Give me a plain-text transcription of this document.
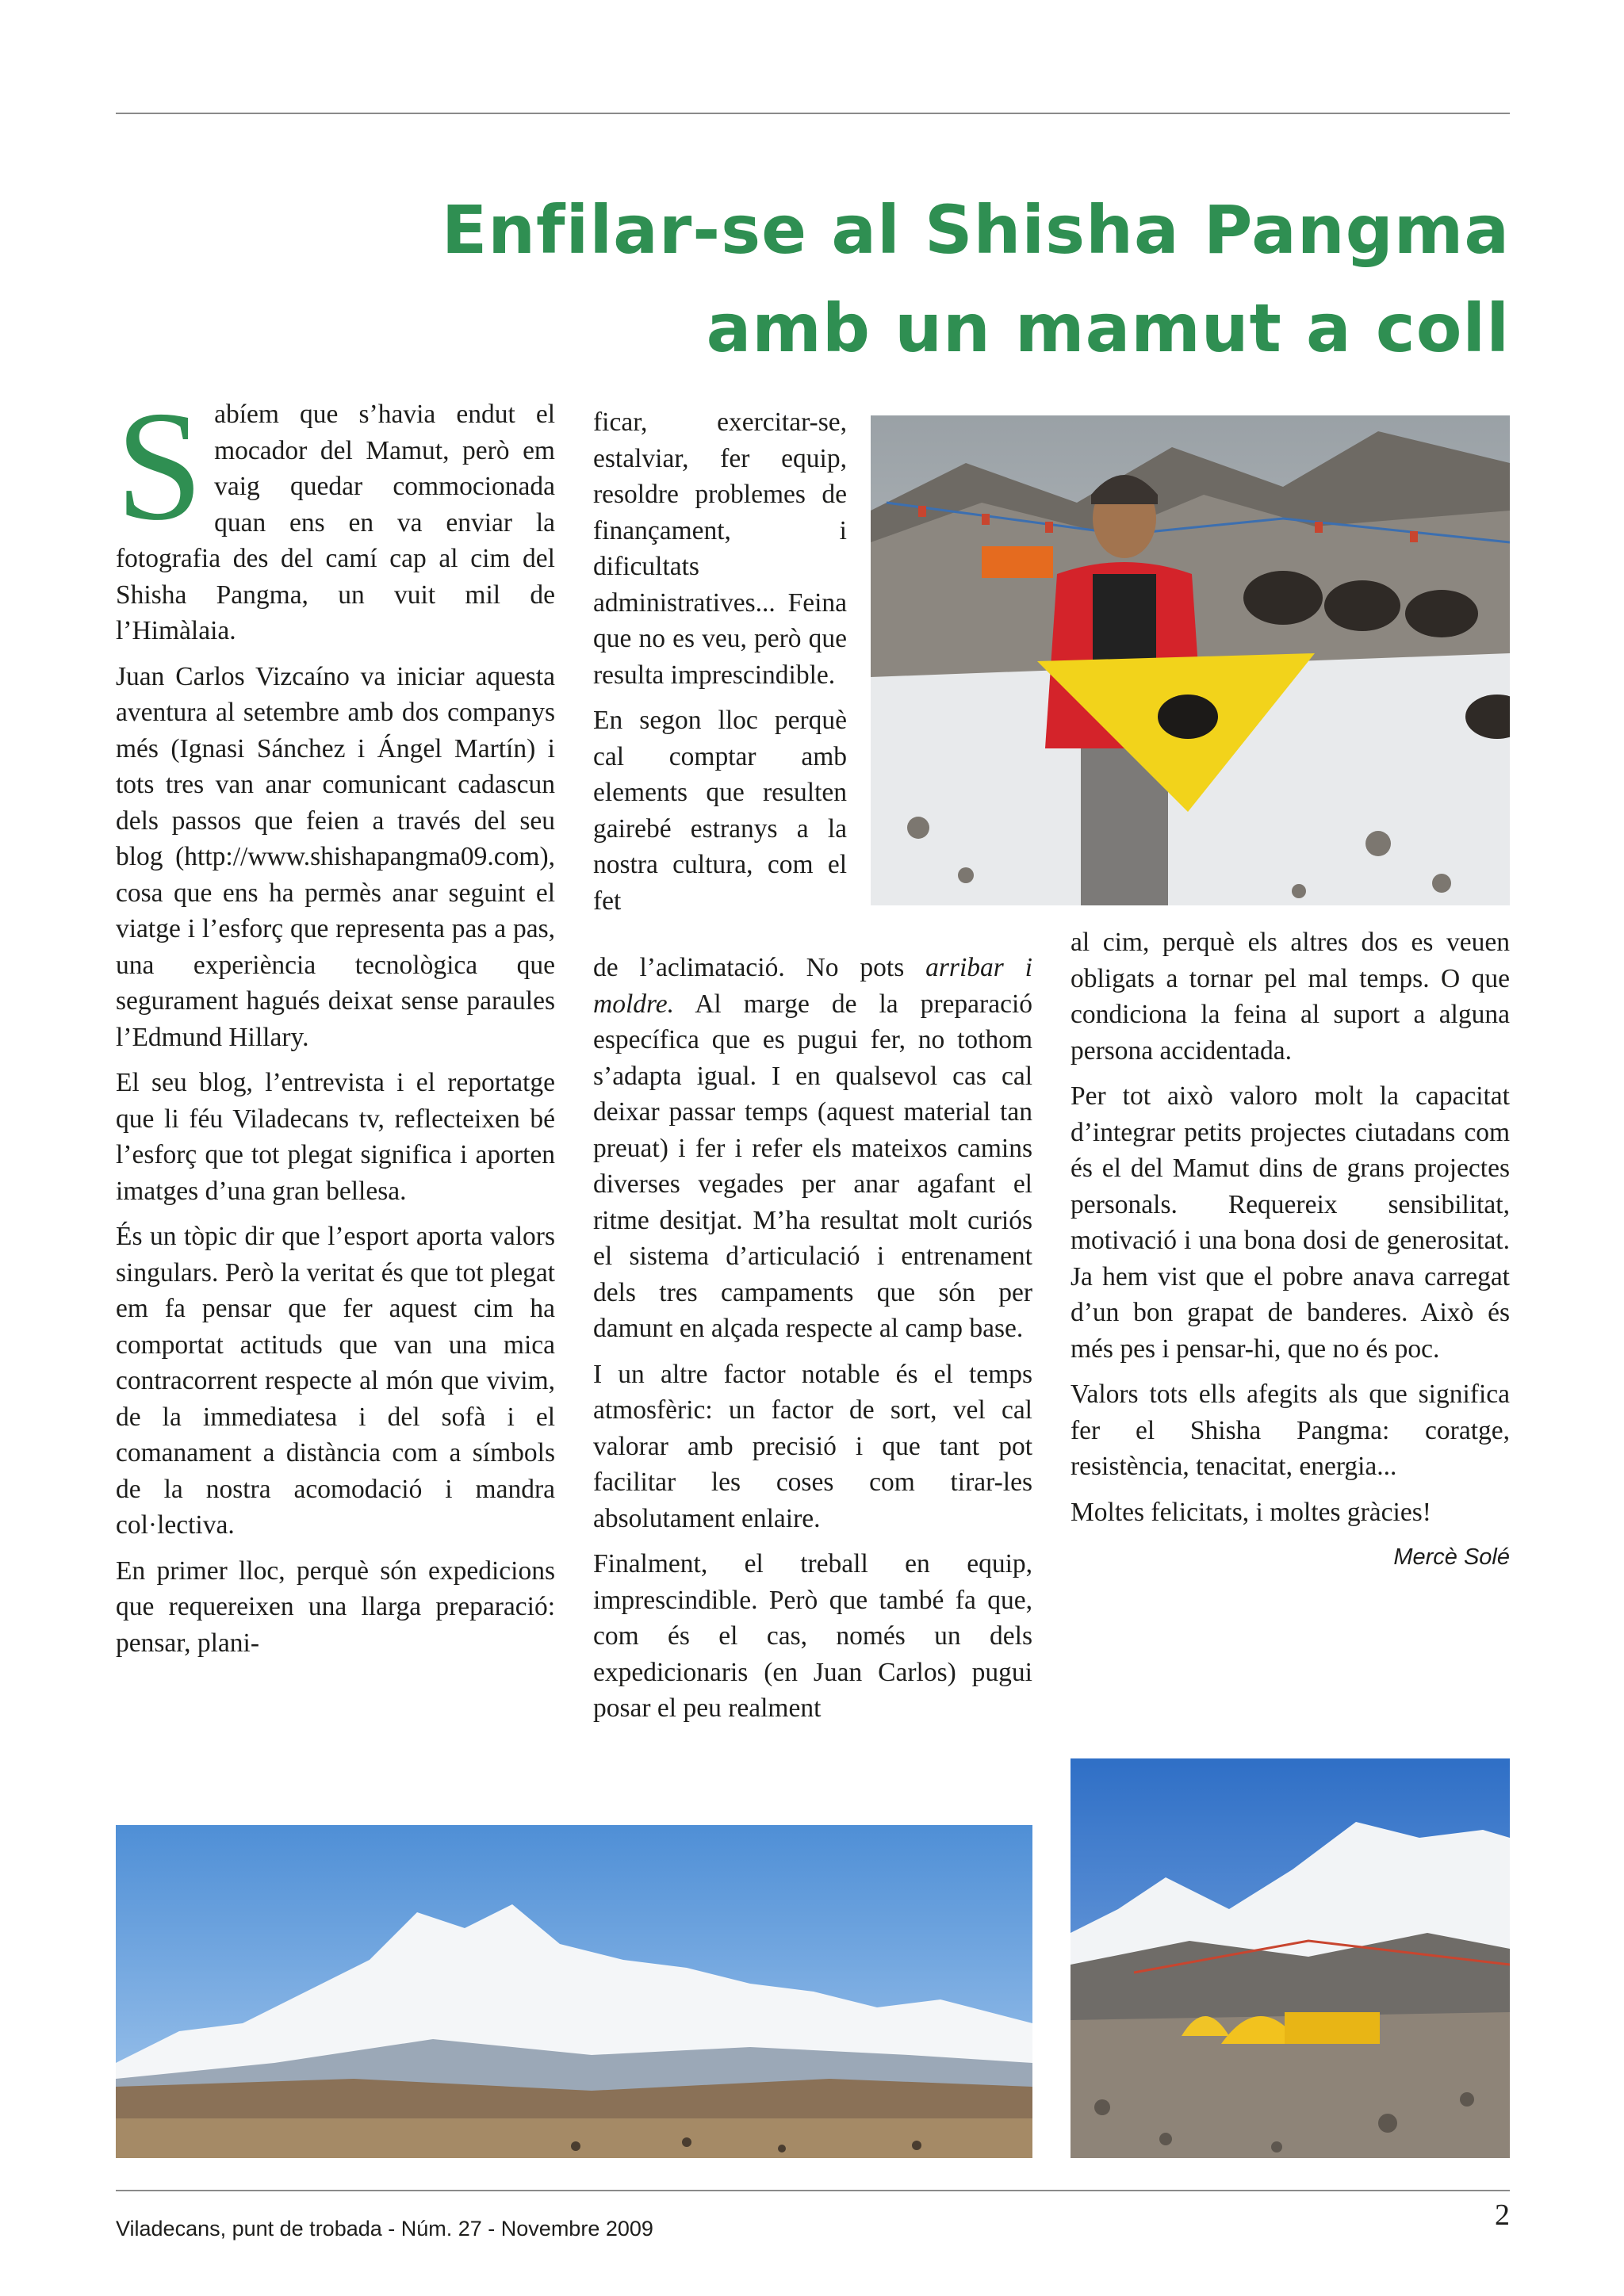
Enfilar-se al Shisha Pangma
amb un mamut a coll

Sabíem que s’havia endut el mocador del Mamut, però em vaig quedar commocionada quan ens en va enviar la fotografia des del camí cap al cim del Shisha Pangma, un vuit mil de l’Himàlaia.

Juan Carlos Vizcaíno va iniciar aquesta aventura al setembre amb dos companys més (Ignasi Sánchez i Ángel Martín) i tots tres van anar comunicant cadascun dels passos que feien a través del seu blog (http://www.shishapangma09.com), cosa que ens ha permès anar seguint el viatge i l’esforç que representa pas a pas, una experiència tecnològica que segurament hagués deixat sense paraules l’Edmund Hillary.

El seu blog, l’entrevista i el reportatge que li féu Viladecans tv, reflecteixen bé l’esforç que tot plegat significa i aporten imatges d’una gran bellesa.

És un tòpic dir que l’esport aporta valors singulars. Però la veritat és que tot plegat em fa pensar que fer aquest cim ha comportat actituds que van una mica contracorrent respecte al món que vivim, de la immediatesa i del sofà i el comanament a distància com a símbols de la nostra acomodació i mandra col·lectiva.

En primer lloc, perquè són expedicions que requereixen una llarga preparació: pensar, plani-

ficar, exercitar-se, estalviar, fer equip, resoldre problemes de finançament, i dificultats administratives... Feina que no es veu, però que resulta imprescindible.

En segon lloc perquè cal comptar amb elements que resulten gairebé estranys a la nostra cultura, com el fet

de l’aclimatació. No pots arribar i moldre. Al marge de la preparació específica que es pugui fer, no tothom s’adapta igual. I en qualsevol cas cal deixar passar temps (aquest material tan preuat) i fer i refer els mateixos camins diverses vegades per anar agafant el ritme desitjat. M’ha resultat molt curiós el sistema d’articulació i entrenament dels tres campaments que són per damunt en alçada respecte al camp base.

I un altre factor notable és el temps atmosfèric: un factor de sort, vel cal valorar amb precisió i que tant pot facilitar les coses com tirar-les absolutament enlaire.

Finalment, el treball en equip, imprescindible. Però que també fa que, com és el cas, només un dels expedicionaris (en Juan Carlos) pugui posar el peu realment

al cim, perquè els altres dos es veuen obligats a tornar pel mal temps. O que condiciona la feina al suport a alguna persona accidentada.

Per tot això valoro molt la capacitat d’integrar petits projectes ciutadans com és el del Mamut dins de grans projectes personals. Requereix sensibilitat, motivació i una bona dosi de generositat. Ja hem vist que el pobre anava carregat d’un bon grapat de banderes. Això és més pes i pensar-hi, que no és poc.

Valors tots ells afegits als que significa fer el Shisha Pangma: coratge, resistència, tenacitat, energia...

Moltes felicitats, i moltes gràcies!

Mercè Solé
Viladecans, punt de trobada - Núm. 27 - Novembre 2009	2
